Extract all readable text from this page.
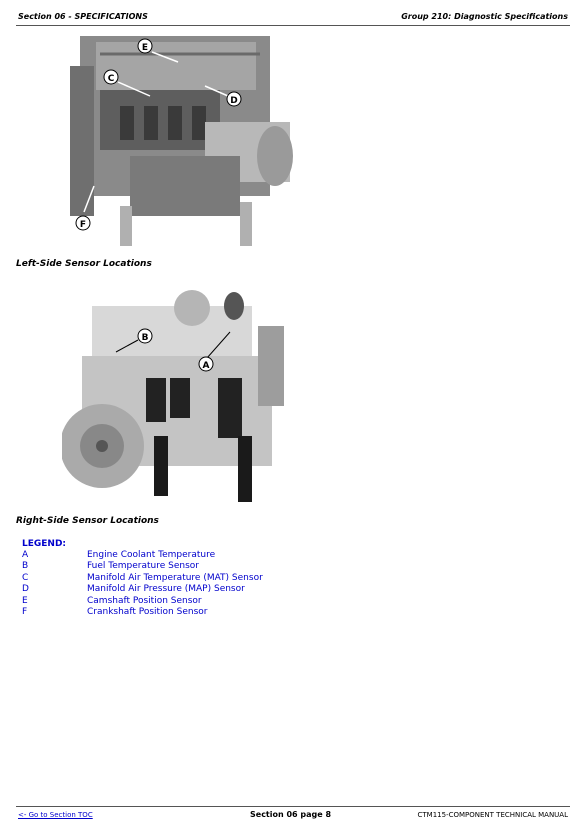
Section 06 - SPECIFICATIONS	Group 210: Diagnostic Specifications
E
C
D
F
Left-Side Sensor Locations
B
A
Right-Side Sensor Locations
LEGEND:
A	Engine Coolant Temperature
B	Fuel Temperature Sensor
C	Manifold Air Temperature (MAT) Sensor
D	Manifold Air Pressure (MAP) Sensor
E	Camshaft Position Sensor
F	Crankshaft Position Sensor
<- Go to Section TOC	Section 06 page 8	CTM115-COMPONENT TECHNICAL MANUAL
